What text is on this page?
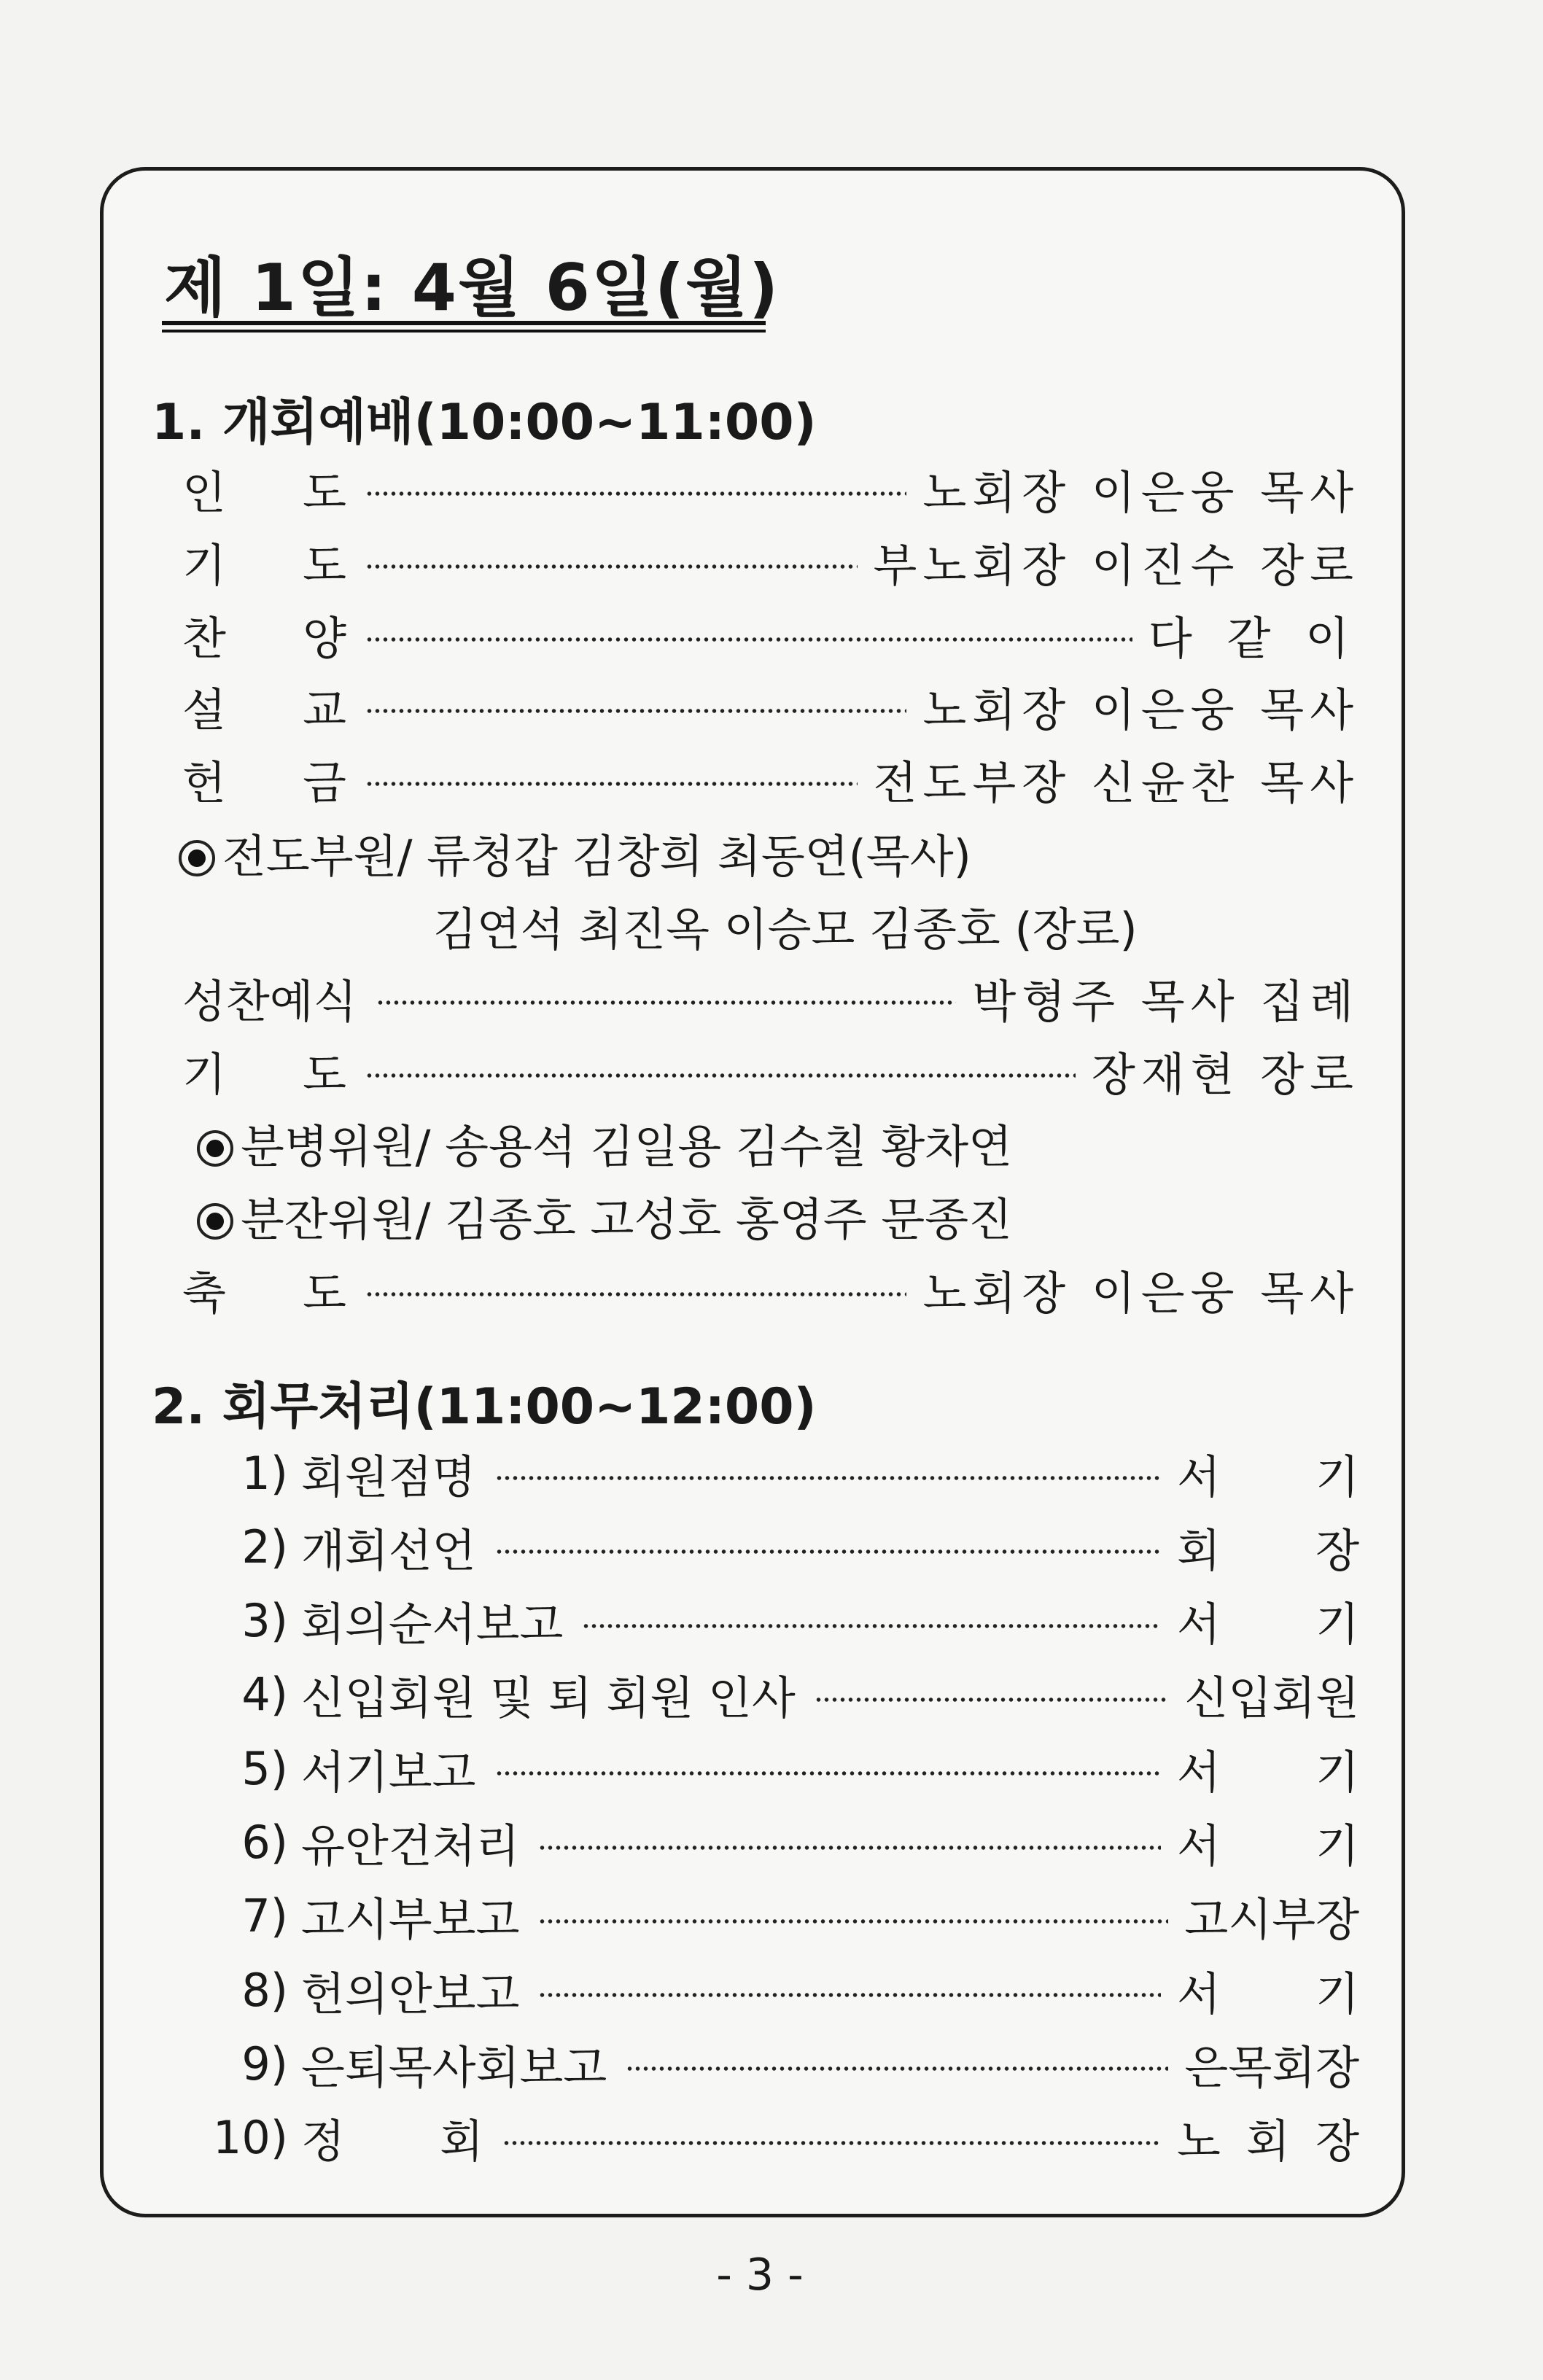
제 1일: 4월 6일(월)
1. 개회예배(10:00~11:00)
인 도	노회장 이은웅 목사
기 도	부노회장 이진수 장로
찬 양	다 같 이
설 교	노회장 이은웅 목사
헌 금	전도부장 신윤찬 목사
전도부원/ 류청갑 김창희 최동연(목사)
김연석 최진옥 이승모 김종호 (장로)
성찬예식	박형주 목사 집례
기 도	장재현 장로
분병위원/ 송용석 김일용 김수칠 황차연
분잔위원/ 김종호 고성호 홍영주 문종진
축 도	노회장 이은웅 목사
2. 회무처리(11:00~12:00)
1) 회원점명	서 기
2) 개회선언	회 장
3) 회의순서보고	서 기
4) 신입회원 및 퇴 회원 인사	신입회원
5) 서기보고	서 기
6) 유안건처리	서 기
7) 고시부보고	고시부장
8) 헌의안보고	서 기
9) 은퇴목사회보고	은목회장
10) 정 회	노 회 장
- 3 -
